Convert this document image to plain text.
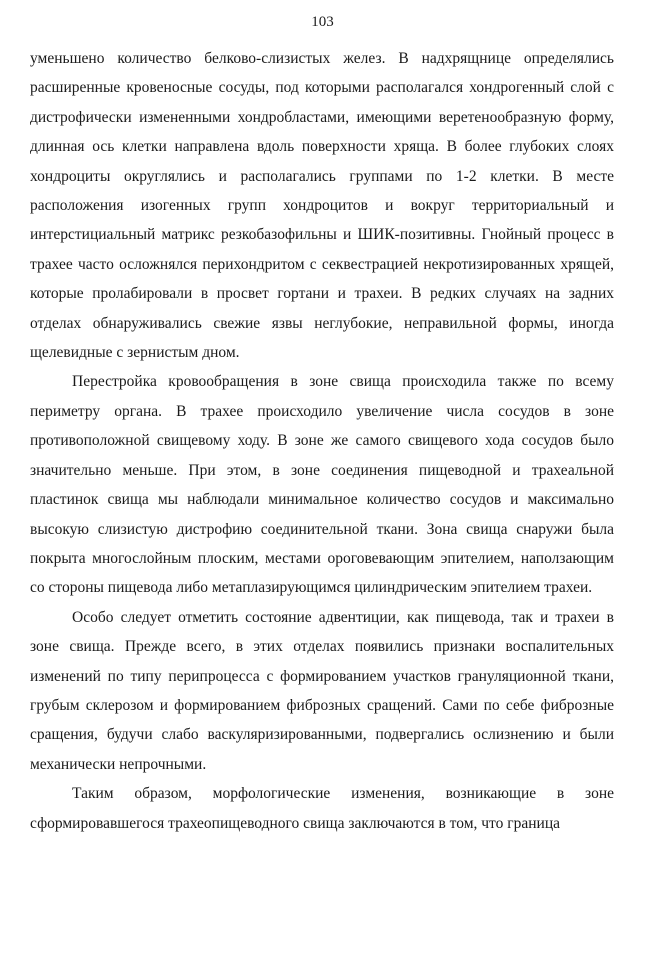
103

уменьшено количество белково-слизистых желез. В надхрящнице определялись расширенные кровеносные сосуды, под которыми располагался хондрогенный слой с дистрофически измененными хондробластами, имеющими веретенообразную форму, длинная ось клетки направлена вдоль поверхности хряща. В более глубоких слоях хондроциты округлялись и располагались группами по 1-2 клетки. В месте расположения изогенных групп хондроцитов и вокруг территориальный и интерстициальный матрикс резкобазофильны и ШИК-позитивны. Гнойный процесс в трахее часто осложнялся перихондритом с секвестрацией некротизированных хрящей, которые пролабировали в просвет гортани и трахеи. В редких случаях на задних отделах обнаруживались свежие язвы неглубокие, неправильной формы, иногда щелевидные с зернистым дном.

Перестройка кровообращения в зоне свища происходила также по всему периметру органа. В трахее происходило увеличение числа сосудов в зоне противоположной свищевому ходу. В зоне же самого свищевого хода сосудов было значительно меньше. При этом, в зоне соединения пищеводной и трахеальной пластинок свища мы наблюдали минимальное количество сосудов и максимально высокую слизистую дистрофию соединительной ткани. Зона свища снаружи была покрыта многослойным плоским, местами ороговевающим эпителием, наползающим со стороны пищевода либо метаплазирующимся цилиндрическим эпителием трахеи.

Особо следует отметить состояние адвентиции, как пищевода, так и трахеи в зоне свища. Прежде всего, в этих отделах появились признаки воспалительных изменений по типу перипроцесса с формированием участков грануляционной ткани, грубым склерозом и формированием фиброзных сращений. Сами по себе фиброзные сращения, будучи слабо васкуляризированными, подвергались ослизнению и были механически непрочными.

Таким образом, морфологические изменения, возникающие в зоне сформировавшегося трахеопищеводного свища заключаются в том, что граница
